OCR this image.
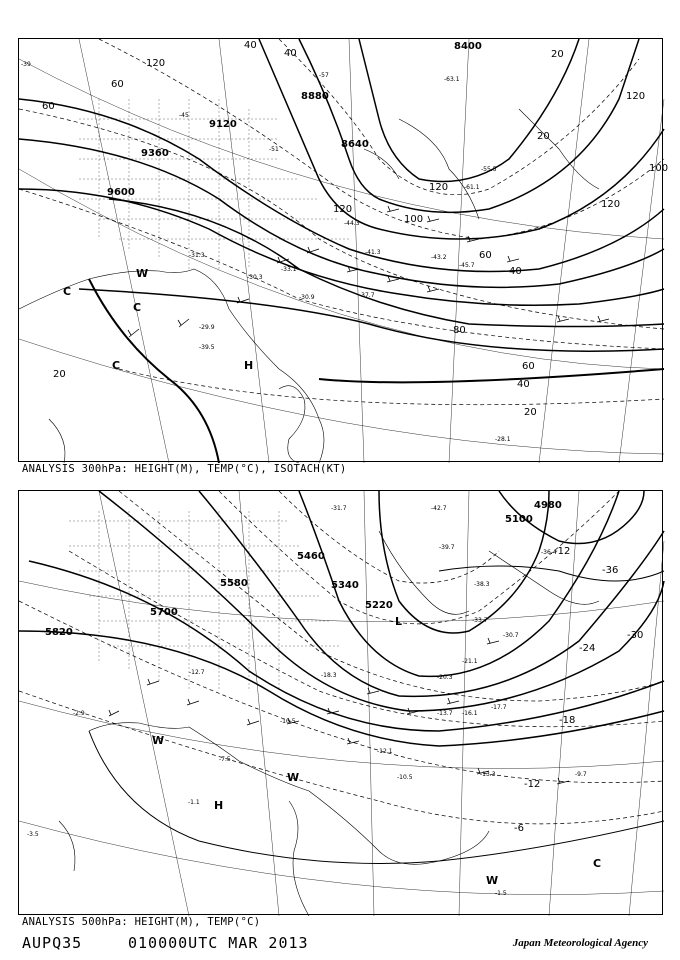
8400
8880
8640
9120
9360
9600
40
60
60
120
40	20
120
100
20
120
120
100
120
60
40
80
60
40
20
20
-39
-45
-51
-57
-63.1
-61.1
-55.5
-44.3
-41.3
-31.3
-33.1
-30.9
-30.3
-29.9
-39.5
-28.1
-45.7
-43.2
-37.7
H
C
C
C
W
ANALYSIS 300hPa: HEIGHT(M), TEMP(°C), ISOTACH(KT)
5100
4980
5460
5580	5340
5220
5700
5820
-12
-36
-30
-24
-18
-12
-6
-42.7
-39.7
-36.4
-38.3
-33.7
-31.7
-30.7
-21.1
-20.3
-17.7
-13.7 -16.1
-12.1
-10.5	-13.3	-9.7
-12.7
-10.5
-2.9
-1.1
-1.5
-7.5
-3.5
-18.3
L
H
W
W
W
C
ANALYSIS 500hPa: HEIGHT(M), TEMP(°C)
AUPQ35	010000UTC MAR 2013	Japan Meteorological Agency
